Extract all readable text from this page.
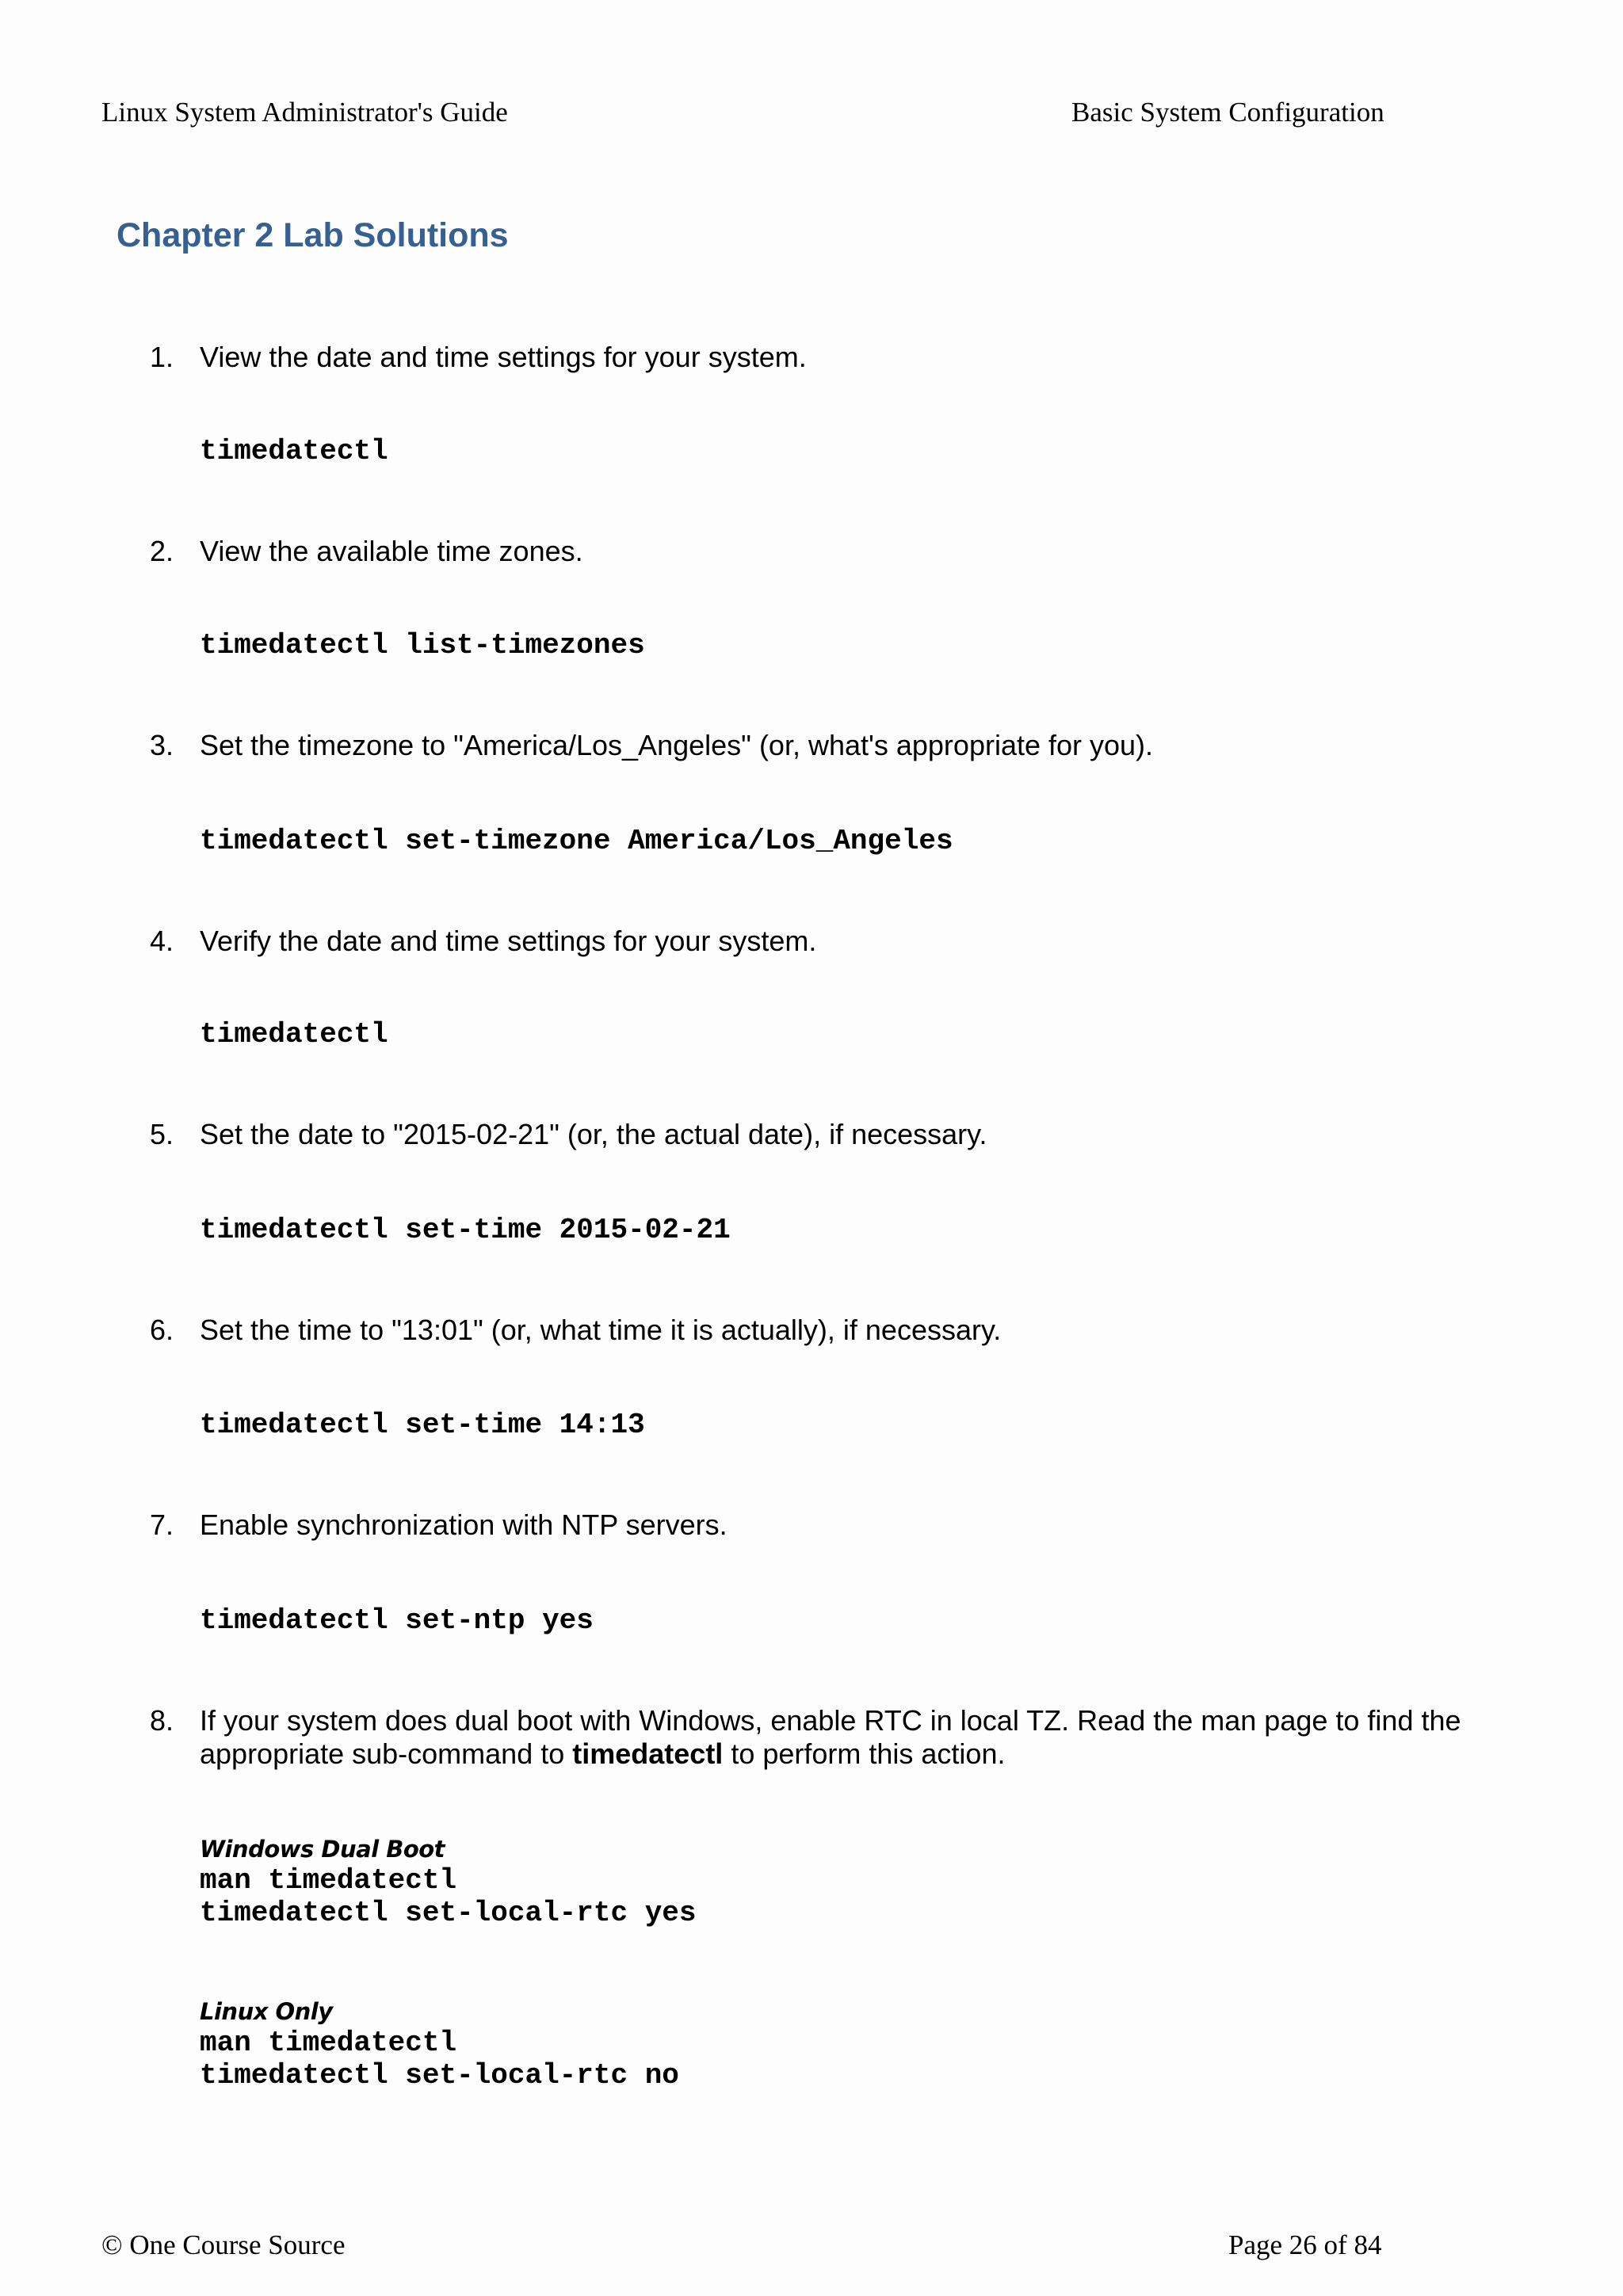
Linux System Administrator's Guide	Basic System Configuration
Chapter 2 Lab Solutions
1. View the date and time settings for your system.
timedatectl
2. View the available time zones.
timedatectl list-timezones
3. Set the timezone to "America/Los_Angeles" (or, what's appropriate for you).
timedatectl set-timezone America/Los_Angeles
4. Verify the date and time settings for your system.
timedatectl
5. Set the date to "2015-02-21" (or, the actual date), if necessary.
timedatectl set-time 2015-02-21
6. Set the time to "13:01" (or, what time it is actually), if necessary.
timedatectl set-time 14:13
7. Enable synchronization with NTP servers.
timedatectl set-ntp yes
8. If your system does dual boot with Windows, enable RTC in local TZ. Read the man page to find the appropriate sub-command to timedatectl to perform this action.
Windows Dual Boot
man timedatectl
timedatectl set-local-rtc yes
Linux Only
man timedatectl
timedatectl set-local-rtc no
© One Course Source	Page 26 of 84
